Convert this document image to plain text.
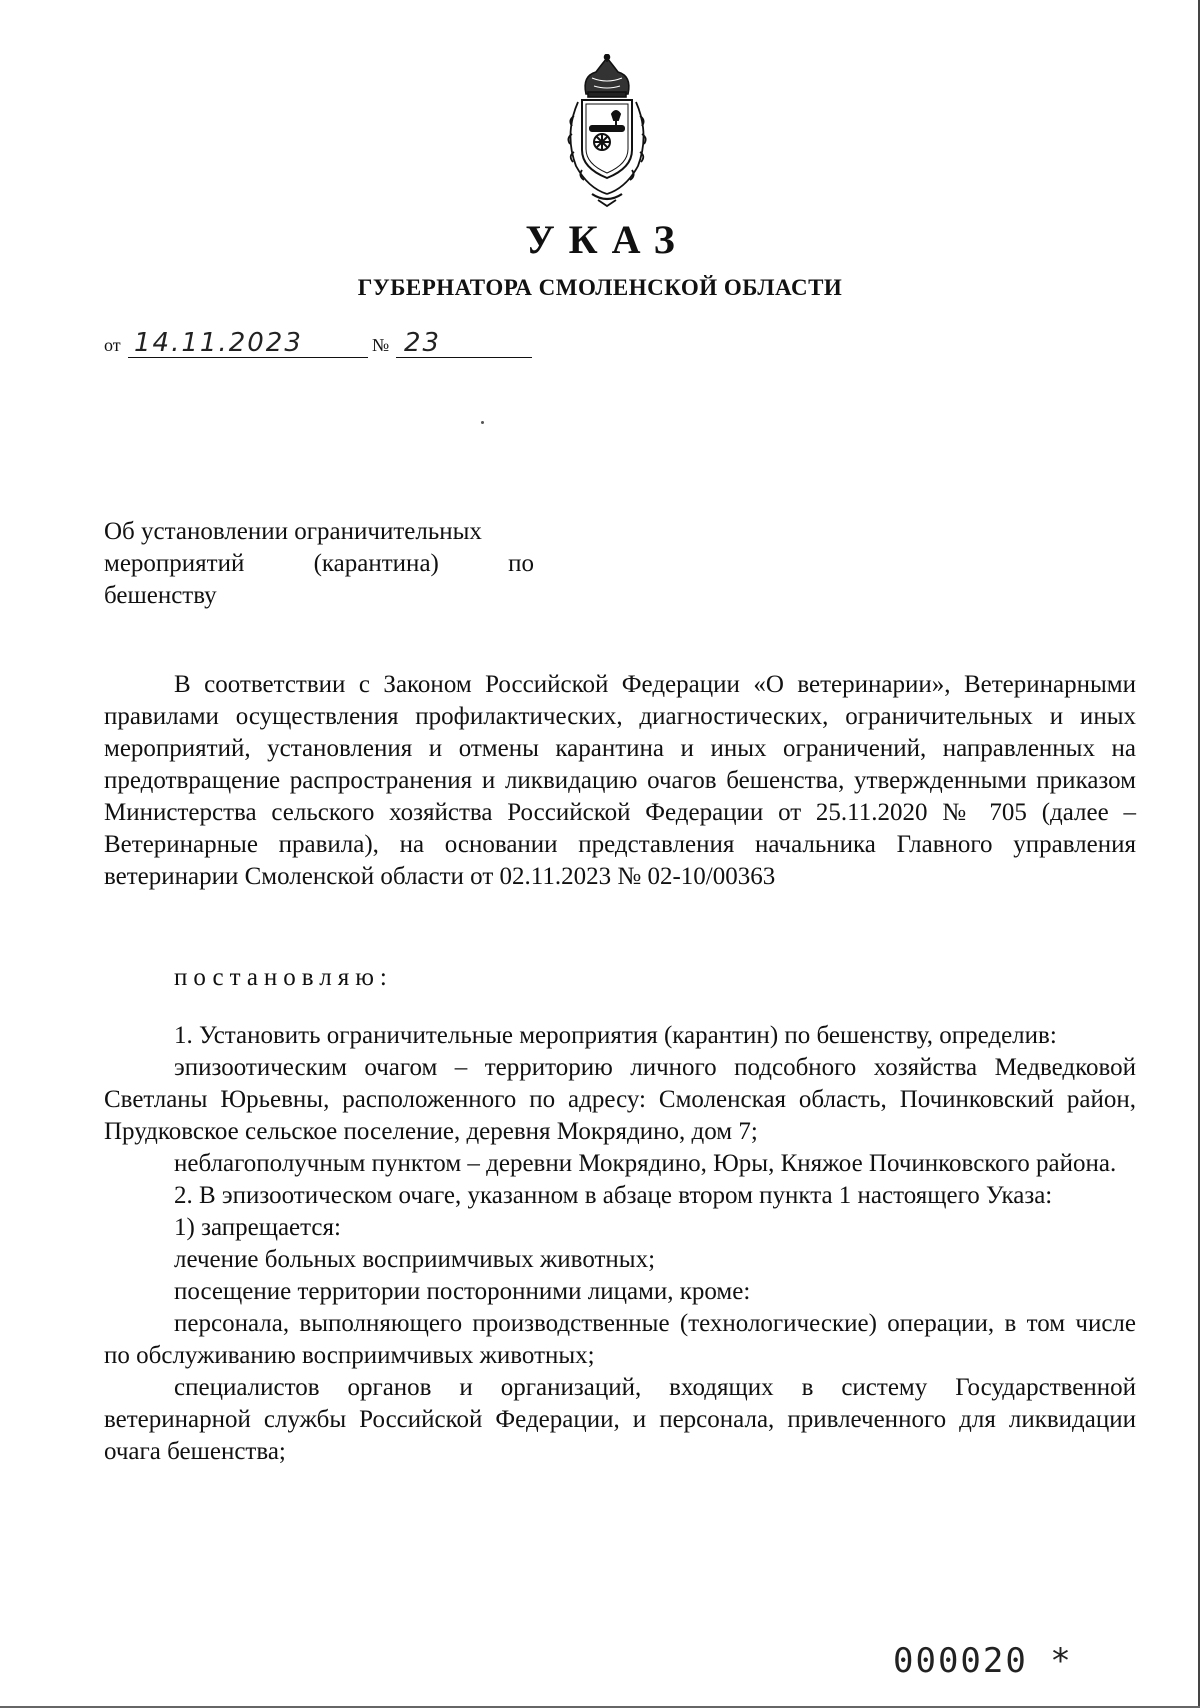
УКАЗ
ГУБЕРНАТОРА СМОЛЕНСКОЙ ОБЛАСТИ
от 14.11.2023	№ 23
Об установлении ограничительных
мероприятий	(карантина)	по
бешенству

В соответствии с Законом Российской Федерации «О ветеринарии», Ветеринарными правилами осуществления профилактических, диагностических, ограничительных и иных мероприятий, установления и отмены карантина и иных ограничений, направленных на предотвращение распространения и ликвидацию очагов бешенства, утвержденными приказом Министерства сельского хозяйства Российской Федерации от 25.11.2020 № 705 (далее – Ветеринарные правила), на основании представления начальника Главного управления ветеринарии Смоленской области от 02.11.2023 № 02-10/00363

постановляю:

1. Установить ограничительные мероприятия (карантин) по бешенству, определив:

эпизоотическим очагом – территорию личного подсобного хозяйства Медведковой Светланы Юрьевны, расположенного по адресу: Смоленская область, Починковский район, Прудковское сельское поселение, деревня Мокрядино, дом 7;

неблагополучным пунктом – деревни Мокрядино, Юры, Княжое Починковского района.

2. В эпизоотическом очаге, указанном в абзаце втором пункта 1 настоящего Указа:

1) запрещается:

лечение больных восприимчивых животных;

посещение территории посторонними лицами, кроме:

персонала, выполняющего производственные (технологические) операции, в том числе по обслуживанию восприимчивых животных;

специалистов органов и организаций, входящих в систему Государственной ветеринарной службы Российской Федерации, и персонала, привлеченного для ликвидации очага бешенства;

000020 *
